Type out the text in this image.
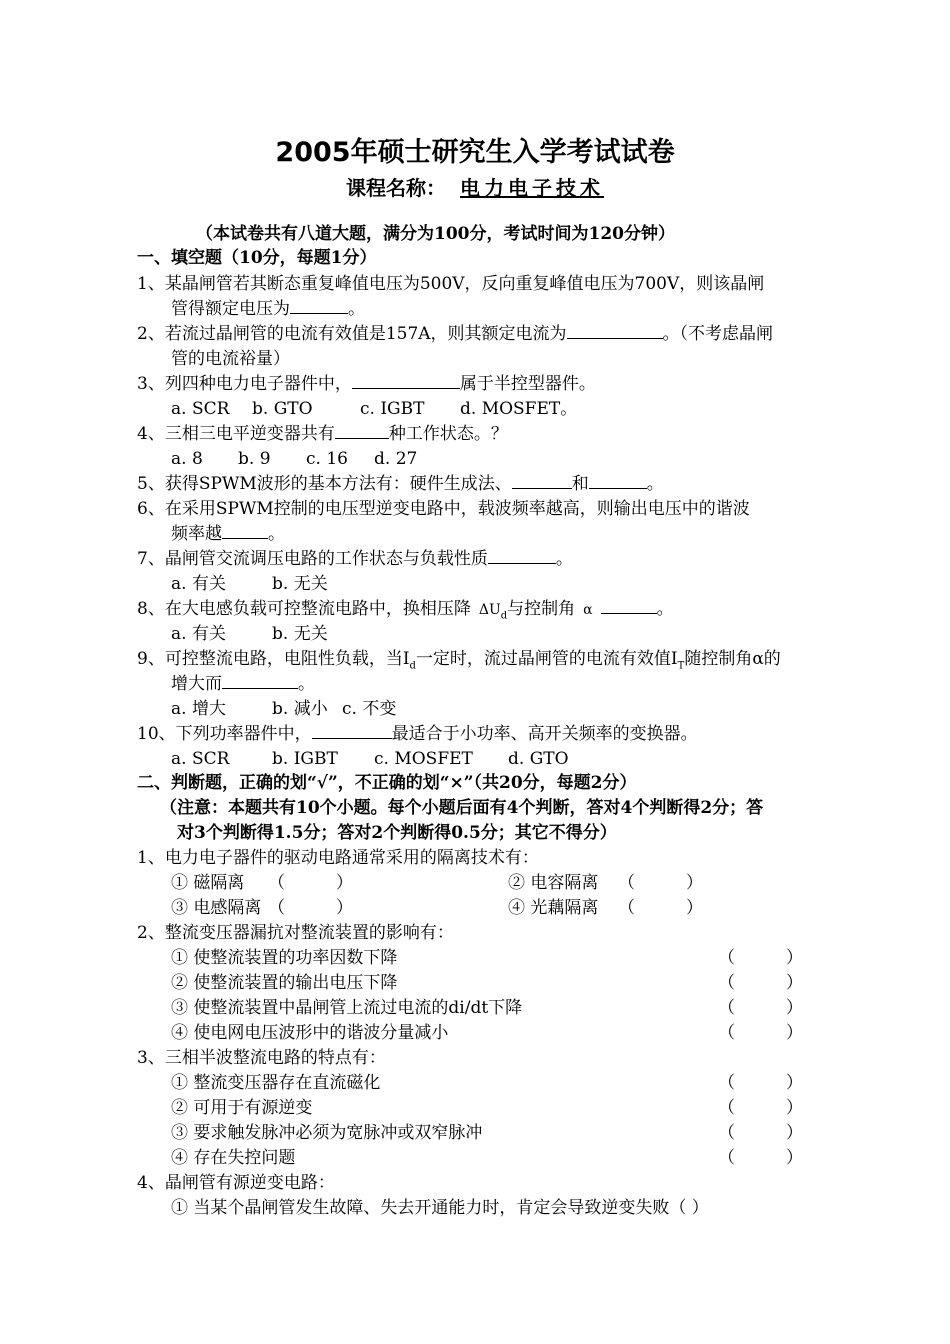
2005年硕士研究生入学考试试卷
课程名称： 电力电子技术
（本试卷共有八道大题，满分为100分，考试时间为120分钟）
一、填空题（10分，每题1分）
1、某晶闸管若其断态重复峰值电压为500V，反向重复峰值电压为700V，则该晶闸
管得额定电压为	。
2、若流过晶闸管的电流有效值是157A，则其额定电流为	。（不考虑晶闸
管的电流裕量）
3、列四种电力电子器件中，	属于半控型器件。
a. SCR b. GTO	c. IGBT d. MOSFET。
4、三相三电平逆变器共有	种工作状态。？
a. 8 b. 9 c. 16 d. 27
5、获得SPWM波形的基本方法有：硬件生成法、	和	。
6、在采用SPWM控制的电压型逆变电路中，载波频率越高，则输出电压中的谐波
频率越	。
7、晶闸管交流调压电路的工作状态与负载性质	。
a. 有关	b. 无关
8、在大电感负载可控整流电路中，换相压降 $\Delta U_d$与控制角 α	。
a. 有关	b. 无关
9、可控整流电路，电阻性负载，当$I_d$一定时，流过晶闸管的电流有效值$I_T$随控制角α的
增大而	。
a. 增大	b. 减小 c. 不变
10、下列功率器件中，	最适合于小功率、高开关频率的变换器。
a. SCR	b. IGBT c. MOSFET d. GTO
二、判断题，正确的划“√”，不正确的划“×”（共20分，每题2分）
（注意：本题共有10个小题。每个小题后面有4个判断，答对4个判断得2分；答
对3个判断得1.5分；答对2个判断得0.5分；其它不得分）
1、电力电子器件的驱动电路通常采用的隔离技术有：
① 磁隔离 （　　　）	② 电容隔离 （　　　）
③ 电感隔离 （　　　）	④ 光藕隔离 （　　　）
2、整流变压器漏抗对整流装置的影响有：
① 使整流装置的功率因数下降	（　　　）
② 使整流装置的输出电压下降	（　　　）
③ 使整流装置中晶闸管上流过电流的di/dt下降	（　　　）
④ 使电网电压波形中的谐波分量减小	（　　　）
3、三相半波整流电路的特点有：
① 整流变压器存在直流磁化	（　　　）
② 可用于有源逆变	（　　　）
③ 要求触发脉冲必须为宽脉冲或双窄脉冲	（　　　）
④ 存在失控问题	（　　　）
4、晶闸管有源逆变电路：
① 当某个晶闸管发生故障、失去开通能力时，肯定会导致逆变失败（ ）
